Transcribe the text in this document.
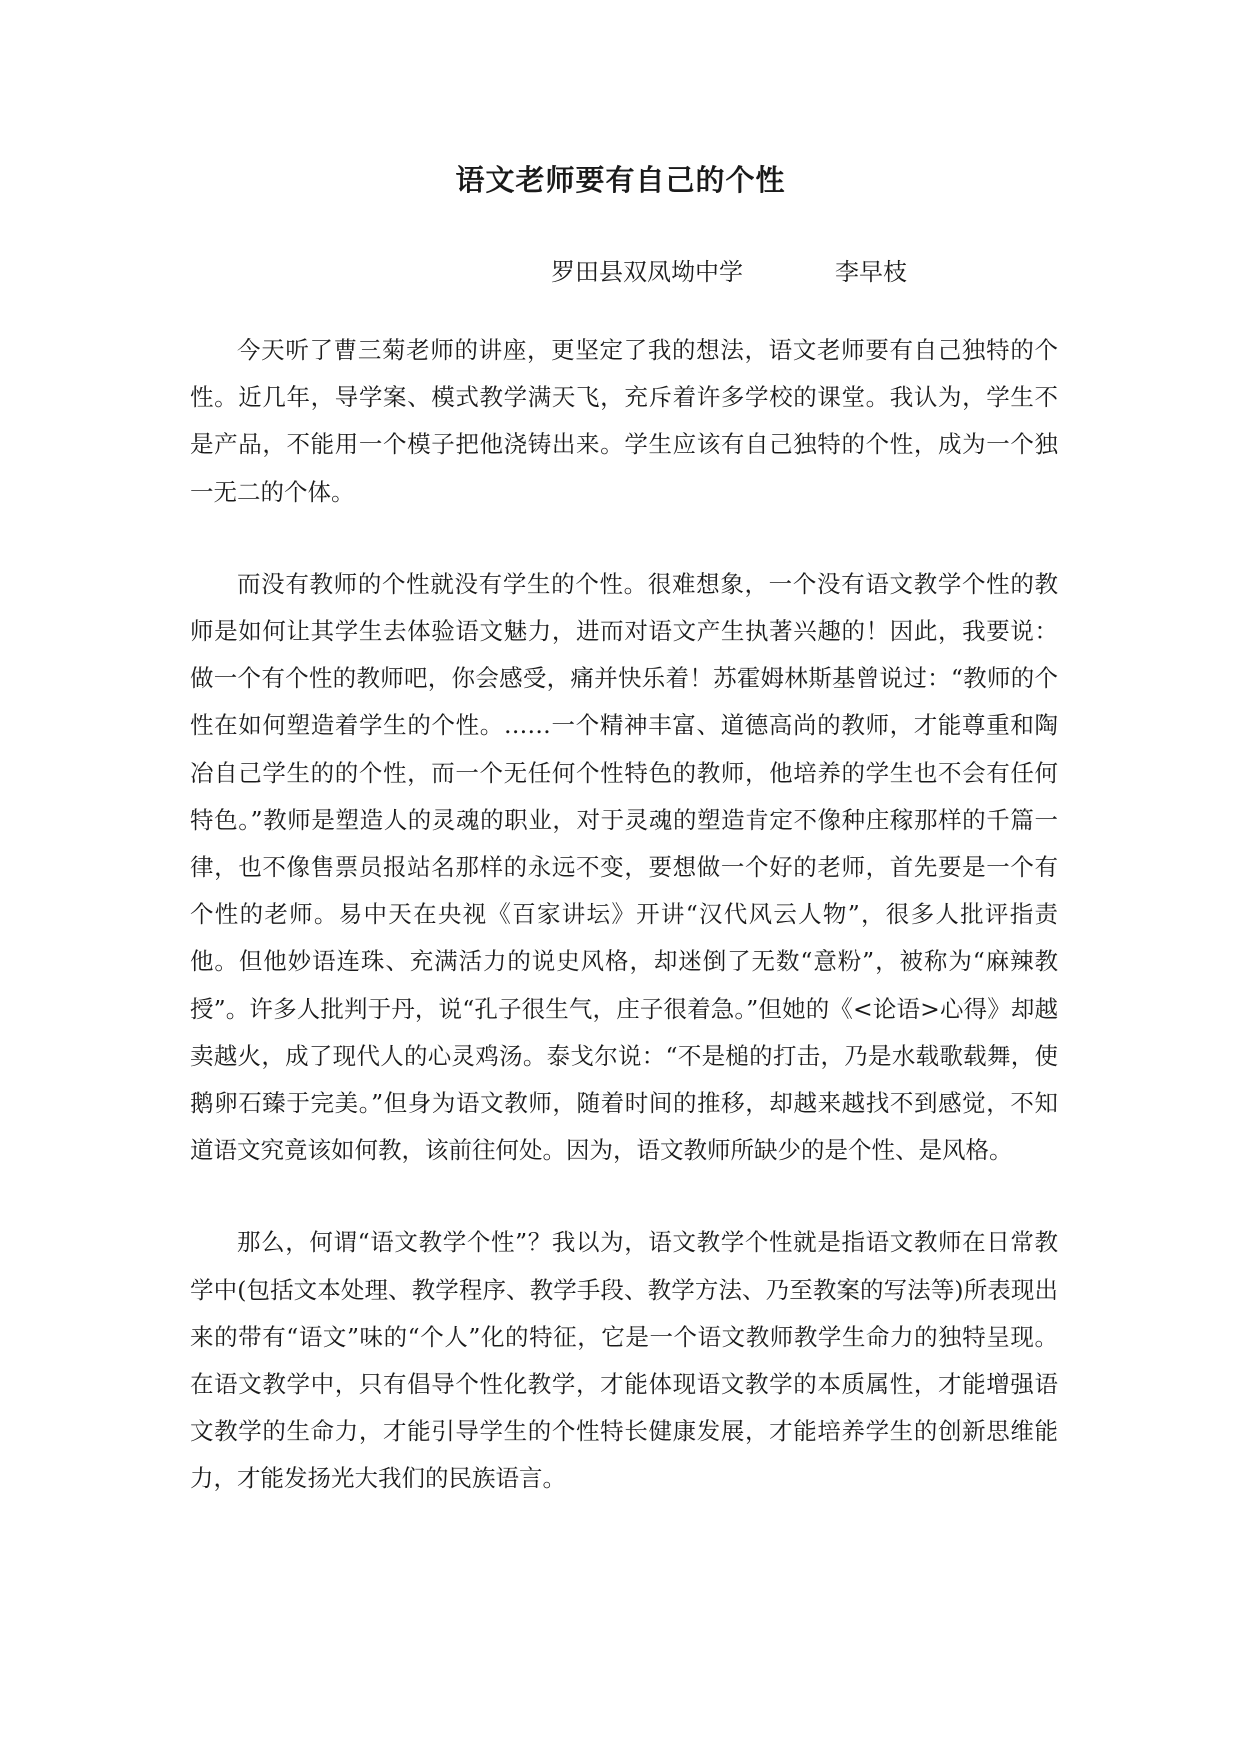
语文老师要有自己的个性
罗田县双凤坳中学	李早枝

今天听了曹三菊老师的讲座，更坚定了我的想法，语文老师要有自己独特的个性。近几年，导学案、模式教学满天飞，充斥着许多学校的课堂。我认为，学生不是产品，不能用一个模子把他浇铸出来。学生应该有自己独特的个性，成为一个独一无二的个体。

而没有教师的个性就没有学生的个性。很难想象，一个没有语文教学个性的教师是如何让其学生去体验语文魅力，进而对语文产生执著兴趣的！因此，我要说：做一个有个性的教师吧，你会感受，痛并快乐着！苏霍姆林斯基曾说过：“教师的个性在如何塑造着学生的个性。……一个精神丰富、道德高尚的教师，才能尊重和陶冶自己学生的的个性，而一个无任何个性特色的教师，他培养的学生也不会有任何特色。”教师是塑造人的灵魂的职业，对于灵魂的塑造肯定不像种庄稼那样的千篇一律，也不像售票员报站名那样的永远不变，要想做一个好的老师，首先要是一个有个性的老师。易中天在央视《百家讲坛》开讲“汉代风云人物”，很多人批评指责他。但他妙语连珠、充满活力的说史风格，却迷倒了无数“意粉”，被称为“麻辣教授”。许多人批判于丹，说“孔子很生气，庄子很着急。”但她的《<论语>心得》却越卖越火，成了现代人的心灵鸡汤。泰戈尔说：“不是槌的打击，乃是水载歌载舞，使鹅卵石臻于完美。”但身为语文教师，随着时间的推移，却越来越找不到感觉，不知道语文究竟该如何教，该前往何处。因为，语文教师所缺少的是个性、是风格。

那么，何谓“语文教学个性”？我以为，语文教学个性就是指语文教师在日常教学中(包括文本处理、教学程序、教学手段、教学方法、乃至教案的写法等)所表现出来的带有“语文”味的“个人”化的特征，它是一个语文教师教学生命力的独特呈现。在语文教学中，只有倡导个性化教学，才能体现语文教学的本质属性，才能增强语文教学的生命力，才能引导学生的个性特长健康发展，才能培养学生的创新思维能力，才能发扬光大我们的民族语言。
